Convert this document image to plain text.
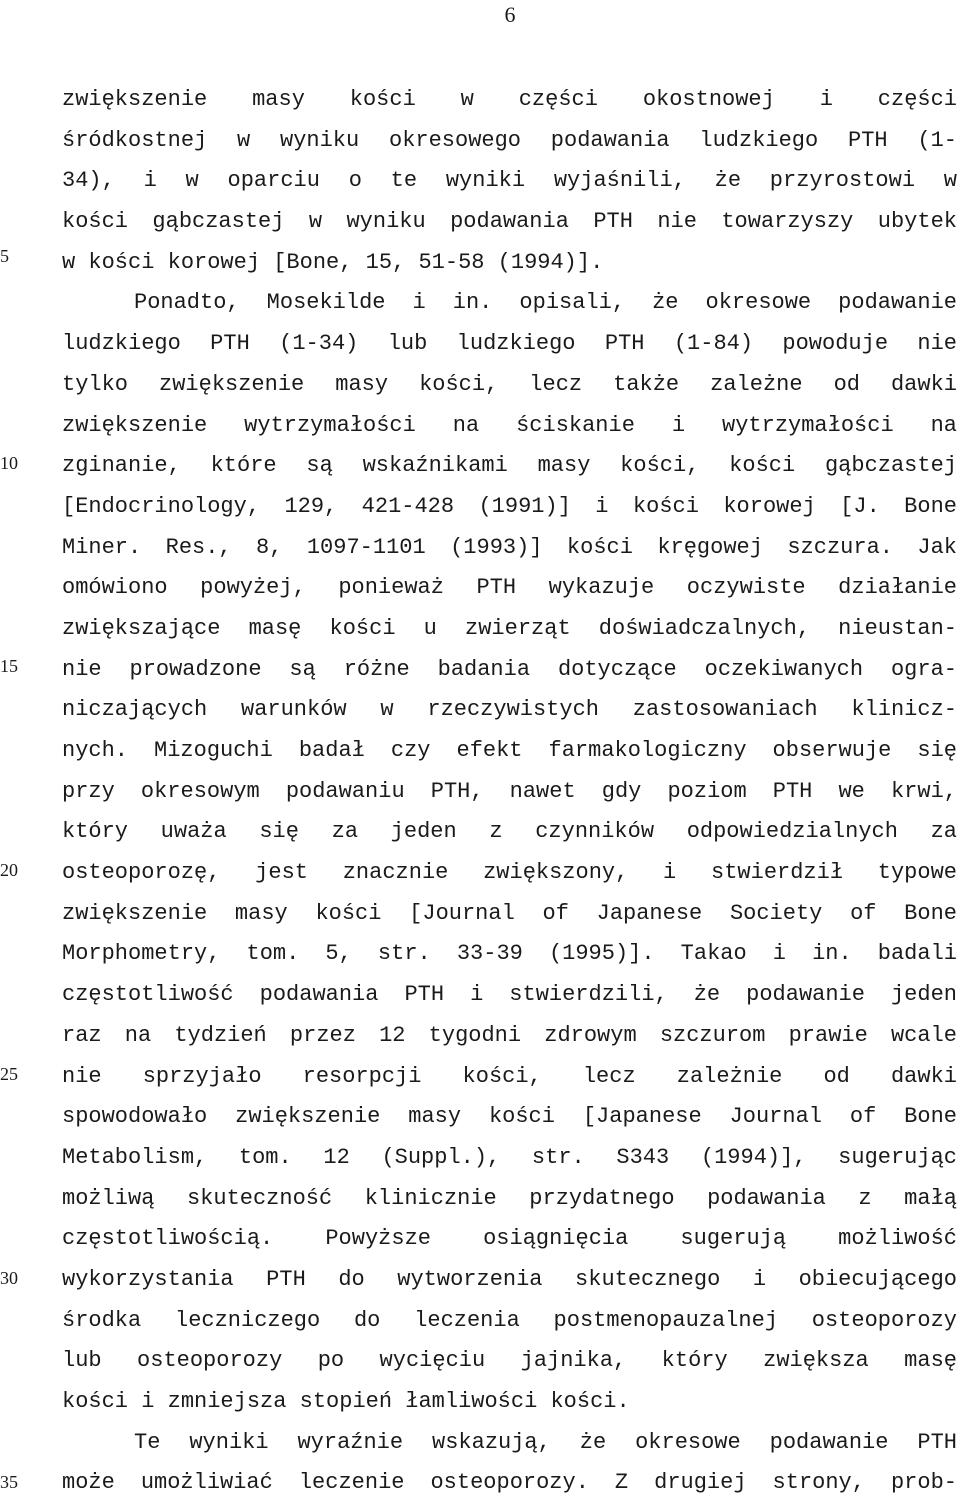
6
5
10
15
20
25
30
35
zwiększenie masy kości w części okostnowej i części
śródkostnej w wyniku okresowego podawania ludzkiego PTH (1-
34), i w oparciu o te wyniki wyjaśnili, że przyrostowi w
kości gąbczastej w wyniku podawania PTH nie towarzyszy ubytek
w kości korowej [Bone, 15, 51-58 (1994)].
Ponadto, Mosekilde i in. opisali, że okresowe podawanie
ludzkiego PTH (1-34) lub ludzkiego PTH (1-84) powoduje nie
tylko zwiększenie masy kości, lecz także zależne od dawki
zwiększenie wytrzymałości na ściskanie i wytrzymałości na
zginanie, które są wskaźnikami masy kości, kości gąbczastej
[Endocrinology, 129, 421-428 (1991)] i kości korowej [J. Bone
Miner. Res., 8, 1097-1101 (1993)] kości kręgowej szczura. Jak
omówiono powyżej, ponieważ PTH wykazuje oczywiste działanie
zwiększające masę kości u zwierząt doświadczalnych, nieustan-
nie prowadzone są różne badania dotyczące oczekiwanych ogra-
niczających warunków w rzeczywistych zastosowaniach klinicz-
nych. Mizoguchi badał czy efekt farmakologiczny obserwuje się
przy okresowym podawaniu PTH, nawet gdy poziom PTH we krwi,
który uważa się za jeden z czynników odpowiedzialnych za
osteoporozę, jest znacznie zwiększony, i stwierdził typowe
zwiększenie masy kości [Journal of Japanese Society of Bone
Morphometry, tom. 5, str. 33-39 (1995)]. Takao i in. badali
częstotliwość podawania PTH i stwierdzili, że podawanie jeden
raz na tydzień przez 12 tygodni zdrowym szczurom prawie wcale
nie sprzyjało resorpcji kości, lecz zależnie od dawki
spowodowało zwiększenie masy kości [Japanese Journal of Bone
Metabolism, tom. 12 (Suppl.), str. S343 (1994)], sugerując
możliwą skuteczność klinicznie przydatnego podawania z małą
częstotliwością. Powyższe osiągnięcia sugerują możliwość
wykorzystania PTH do wytworzenia skutecznego i obiecującego
środka leczniczego do leczenia postmenopauzalnej osteoporozy
lub osteoporozy po wycięciu jajnika, który zwiększa masę
kości i zmniejsza stopień łamliwości kości.
Te wyniki wyraźnie wskazują, że okresowe podawanie PTH
może umożliwiać leczenie osteoporozy. Z drugiej strony, prob-
